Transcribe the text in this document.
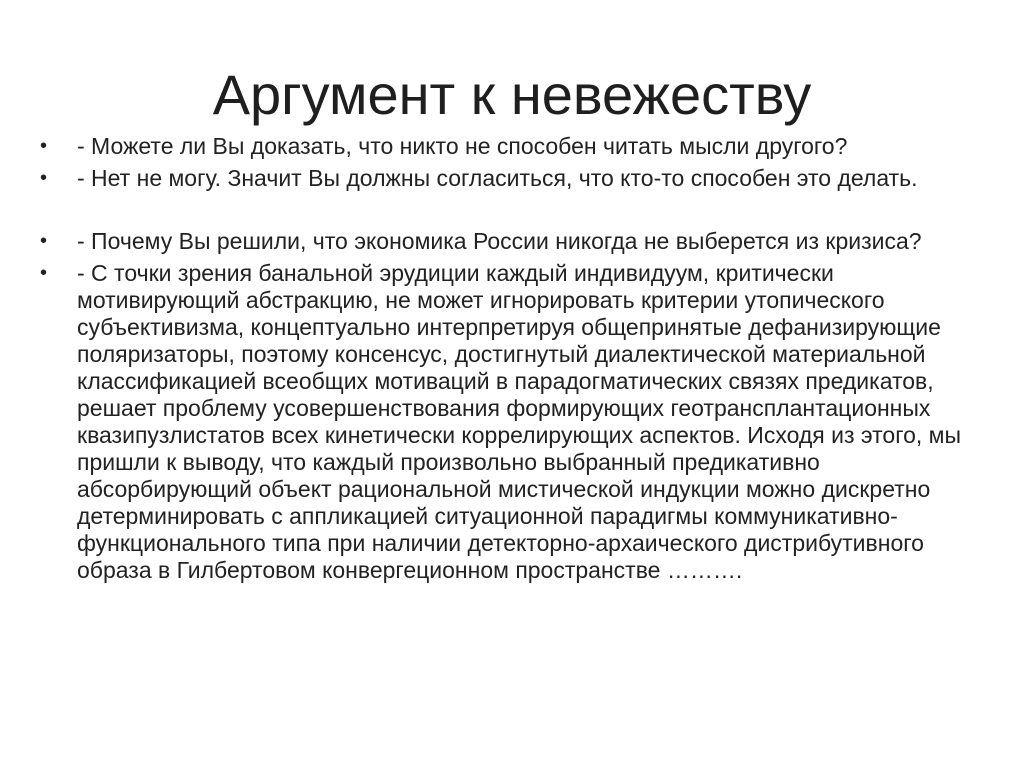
Аргумент к невежеству
•	- Можете ли Вы доказать, что никто не способен читать мысли другого?
•	- Нет не могу. Значит Вы должны согласиться, что кто-то способен это делать.
•	- Почему Вы решили, что экономика России никогда не выберется из кризиса?
•	- С точки зрения банальной эрудиции каждый индивидуум, критически мотивирующий абстракцию, не может игнорировать критерии утопического субъективизма, концептуально интерпретируя общепринятые дефанизирующие поляризаторы, поэтому консенсус, достигнутый диалектической материальной классификацией всеобщих мотиваций в парадогматических связях предикатов, решает проблему усовершенствования формирующих геотрансплантационных квазипузлистатов всех кинетически коррелирующих аспектов. Исходя из этого, мы пришли к выводу, что каждый произвольно выбранный предикативно абсорбирующий объект рациональной мистической индукции можно дискретно детерминировать с аппликацией ситуационной парадигмы коммуникативно-функционального типа при наличии детекторно-архаического дистрибутивного образа в Гилбертовом конвергеционном пространстве ……….
